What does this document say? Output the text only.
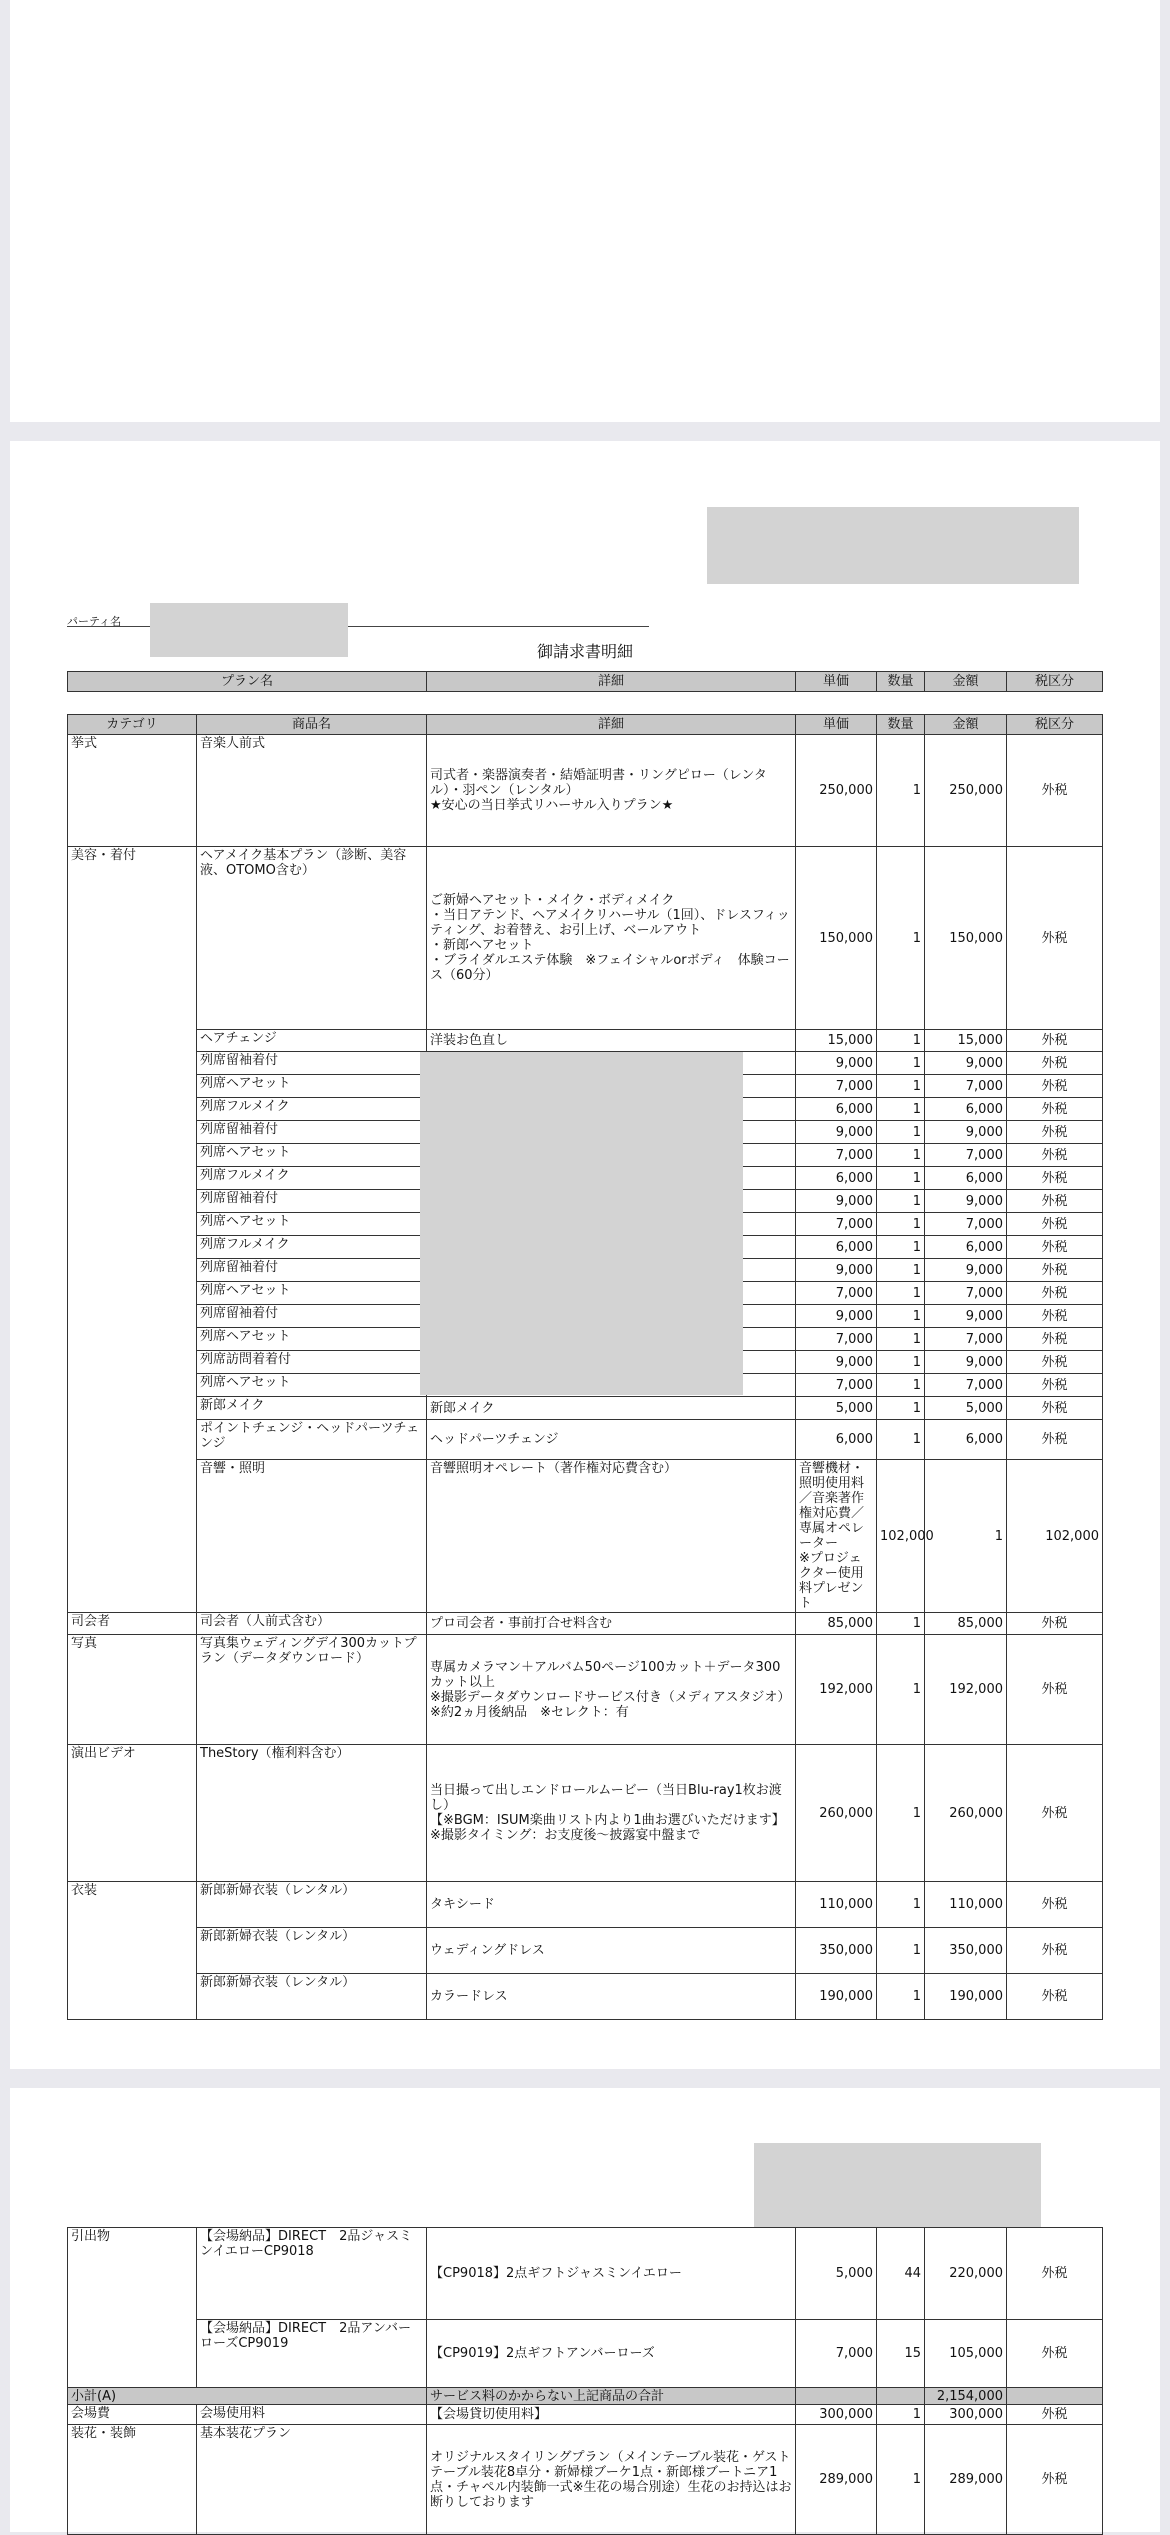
パーティ名
御請求書明細
プラン名	詳細	単価	数量	金額	税区分
カテゴリ	商品名	詳細	単価	数量	金額	税区分	
挙式	音楽人前式	司式者・楽器演奏者・結婚証明書・リングピロー（レンタル）・羽ペン（レンタル）
★安心の当日挙式リハーサル入りプラン★	250,000	1	250,000	外税	
美容・着付	ヘアメイク基本プラン（診断、美容液、OTOMO含む）	ご新婦ヘアセット・メイク・ボディメイク
・当日アテンド、ヘアメイクリハーサル（1回）、ドレスフィッティング、お着替え、お引上げ、ベールアウト
・新郎ヘアセット
・ブライダルエステ体験　※フェイシャルorボディ　体験コース（60分）	150,000	1	150,000	外税	
	ヘアチェンジ	洋装お色直し	15,000	1	15,000	外税	
	列席留袖着付		9,000	1	9,000	外税	
	列席ヘアセット		7,000	1	7,000	外税	
	列席フルメイク		6,000	1	6,000	外税	
	列席留袖着付		9,000	1	9,000	外税	
	列席ヘアセット		7,000	1	7,000	外税	
	列席フルメイク		6,000	1	6,000	外税	
	列席留袖着付		9,000	1	9,000	外税	
	列席ヘアセット		7,000	1	7,000	外税	
	列席フルメイク		6,000	1	6,000	外税	
	列席留袖着付		9,000	1	9,000	外税	
	列席ヘアセット		7,000	1	7,000	外税	
	列席留袖着付		9,000	1	9,000	外税	
	列席ヘアセット		7,000	1	7,000	外税	
	列席訪問着着付		9,000	1	9,000	外税	
	列席ヘアセット		7,000	1	7,000	外税	
	新郎メイク	新郎メイク	5,000	1	5,000	外税	
	ポイントチェンジ・ヘッドパーツチェンジ	ヘッドパーツチェンジ	6,000	1	6,000	外税	
	音響・照明	音響照明オペレート（著作権対応費含む）	音響機材・照明使用料／音楽著作権対応費／専属オペレーター
※プロジェクター使用料プレゼント	102,000	1	102,000	
司会者	司会者（人前式含む）	プロ司会者・事前打合せ料含む	85,000	1	85,000	外税	
写真	写真集ウェディングデイ300カットプラン（データダウンロード）	専属カメラマン＋アルバム50ページ100カット＋データ300カット以上
※撮影データダウンロードサービス付き（メディアスタジオ）
※約2ヵ月後納品　※セレクト：有	192,000	1	192,000	外税	
演出ビデオ	TheStory（権利料含む）	当日撮って出しエンドロールムービー（当日Blu-ray1枚お渡し）
【※BGM：ISUM楽曲リスト内より1曲お選びいただけます】
※撮影タイミング：お支度後〜披露宴中盤まで	260,000	1	260,000	外税	
衣装	新郎新婦衣装（レンタル）	タキシード	110,000	1	110,000	外税	
	新郎新婦衣装（レンタル）	ウェディングドレス	350,000	1	350,000	外税	
	新郎新婦衣装（レンタル）	カラードレス	190,000	1	190,000	外税	
引出物	【会場納品】DIRECT　2品ジャスミンイエローCP9018	【CP9018】2点ギフトジャスミンイエロー	5,000	44	220,000	外税
	【会場納品】DIRECT　2品アンバーローズCP9019	【CP9019】2点ギフトアンバーローズ	7,000	15	105,000	外税
小計(A)		サービス料のかからない上記商品の合計			2,154,000	
会場費	会場使用料	【会場貸切使用料】	300,000	1	300,000	外税
装花・装飾	基本装花プラン	オリジナルスタイリングプラン（メインテーブル装花・ゲストテーブル装花8卓分・新婦様ブーケ1点・新郎様ブートニア1点・チャペル内装飾一式※生花の場合別途）生花のお持込はお断りしております	289,000	1	289,000	外税
